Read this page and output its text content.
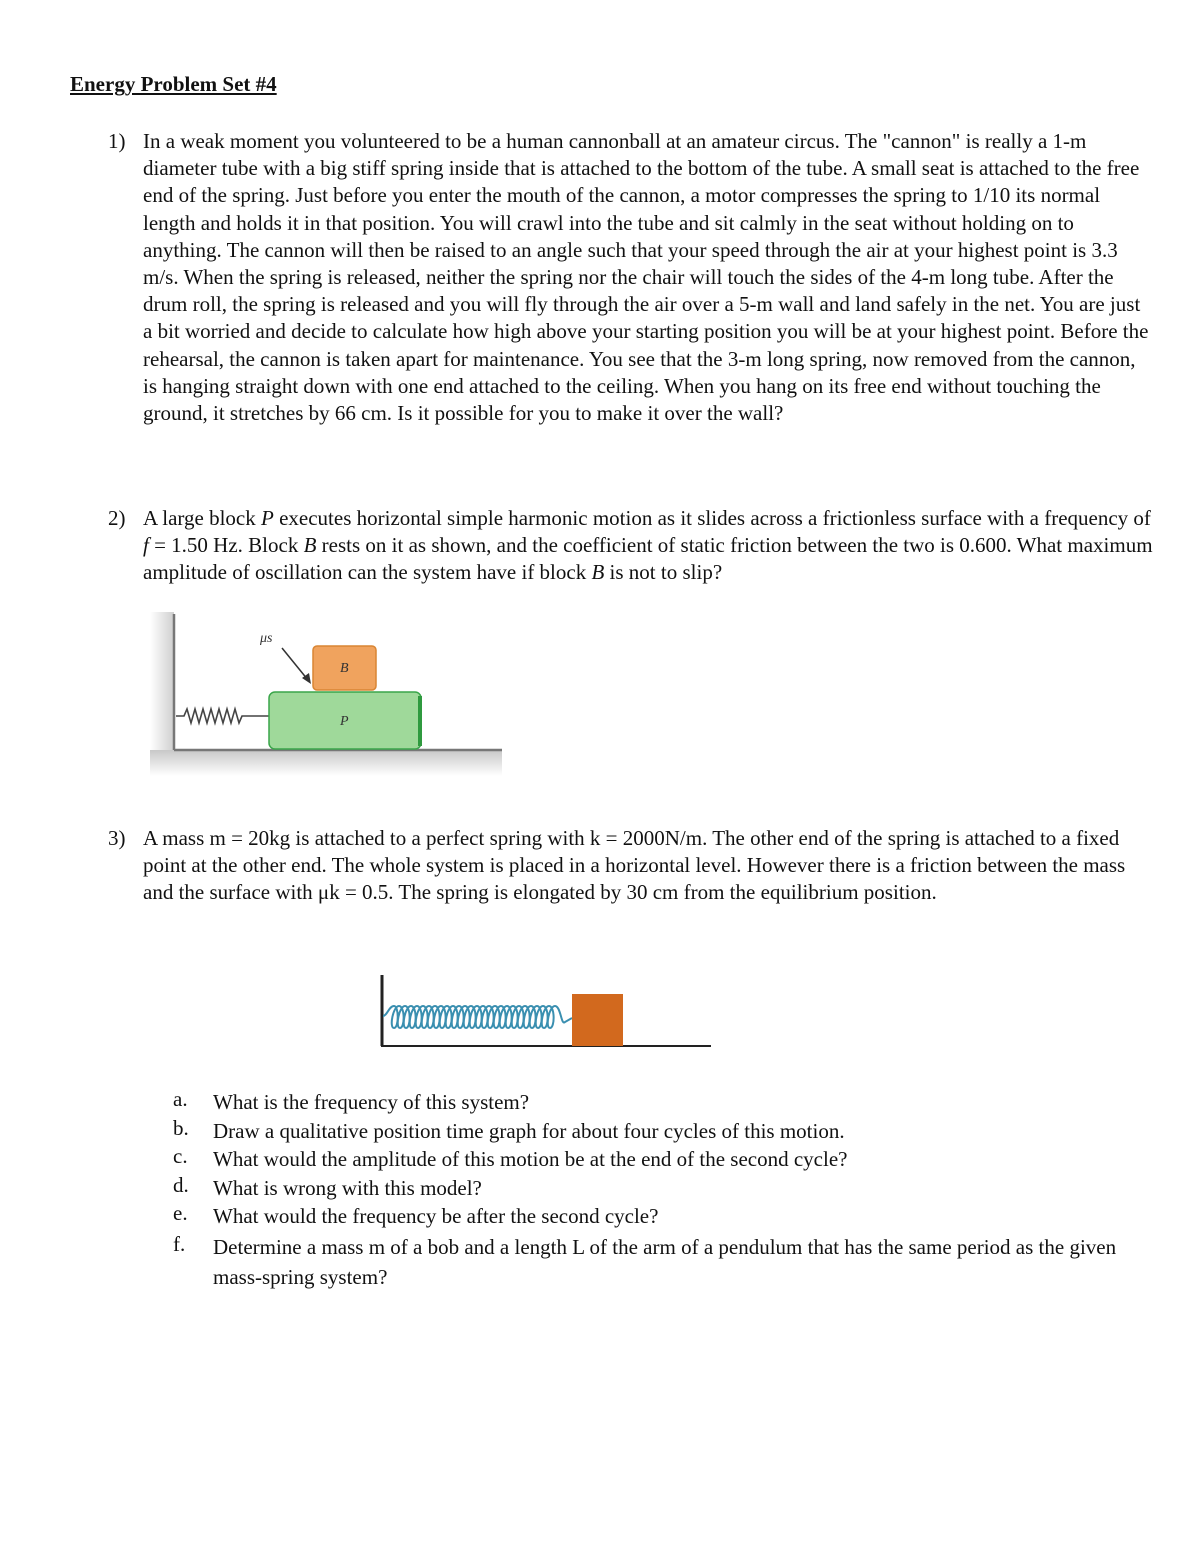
Energy Problem Set #4
1) In a weak moment you volunteered to be a human cannonball at an amateur circus. The "cannon" is really a 1-m diameter tube with a big stiff spring inside that is attached to the bottom of the tube. A small seat is attached to the free end of the spring. Just before you enter the mouth of the cannon, a motor compresses the spring to 1/10 its normal length and holds it in that position. You will crawl into the tube and sit calmly in the seat without holding on to anything. The cannon will then be raised to an angle such that your speed through the air at your highest point is 3.3 m/s. When the spring is released, neither the spring nor the chair will touch the sides of the 4-m long tube. After the drum roll, the spring is released and you will fly through the air over a 5-m wall and land safely in the net. You are just a bit worried and decide to calculate how high above your starting position you will be at your highest point. Before the rehearsal, the cannon is taken apart for maintenance. You see that the 3-m long spring, now removed from the cannon, is hanging straight down with one end attached to the ceiling. When you hang on its free end without touching the ground, it stretches by 66 cm. Is it possible for you to make it over the wall?
2) A large block P executes horizontal simple harmonic motion as it slides across a frictionless surface with a frequency of f = 1.50 Hz. Block B rests on it as shown, and the coefficient of static friction between the two is 0.600. What maximum amplitude of oscillation can the system have if block B is not to slip?
μs
B
P
3) A mass m = 20kg is attached to a perfect spring with k = 2000N/m. The other end of the spring is attached to a fixed point at the other end. The whole system is placed in a horizontal level. However there is a friction between the mass and the surface with μk = 0.5. The spring is elongated by 30 cm from the equilibrium position.
a. What is the frequency of this system?
b. Draw a qualitative position time graph for about four cycles of this motion.
c. What would the amplitude of this motion be at the end of the second cycle?
d. What is wrong with this model?
e. What would the frequency be after the second cycle?
f. Determine a mass m of a bob and a length L of the arm of a pendulum that has the same period as the given mass-spring system?
